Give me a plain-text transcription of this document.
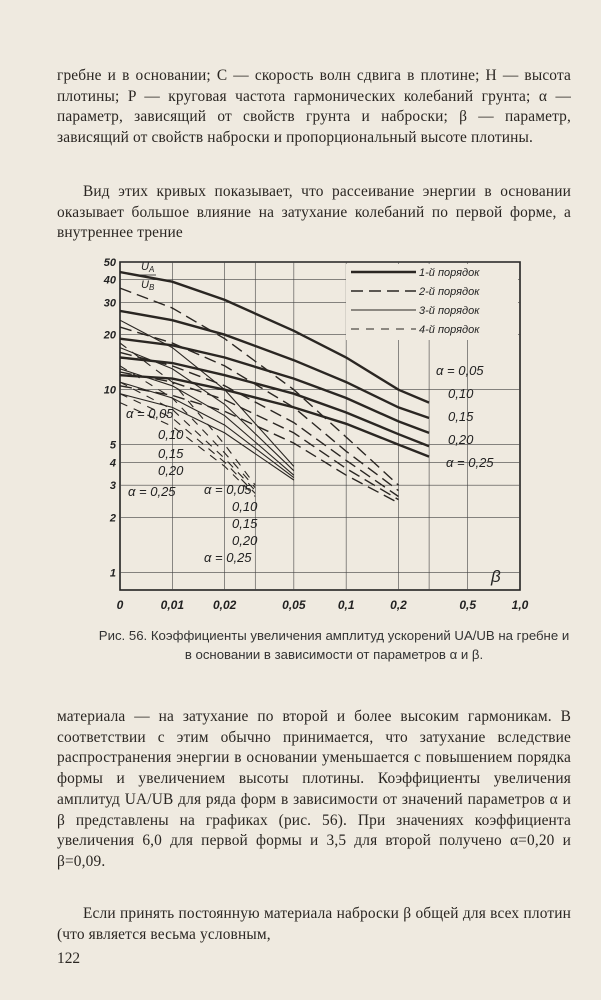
гребне и в основании; C — скорость волн сдвига в плотине; H — высота плотины; P — круговая частота гармонических колебаний грунта; α — параметр, зависящий от свойств грунта и наброски; β — параметр, зависящий от свойств наброски и пропорциональный высоте плотины.

Вид этих кривых показывает, что рассеивание энергии в основании оказывает большое влияние на затухание колебаний по первой форме, а внутреннее трение

1
2
3
4
5
10
20
30
40
50
0	0,01 0,02	0,05	0,1	0,2	0,5	1,0
1-й порядок
2-й порядок
3-й порядок
4-й порядок
α = 0,05
0,10
0,15
0,20
α = 0,25
α = 0,05
0,10
0,15
0,20
α = 0,25 α = 0,05
0,10
0,15
0,20
α = 0,25
UA
UB
β

Рис. 56. Коэффициенты увеличения амплитуд ускорений UA/UB на гребне и в основании в зависимости от параметров α и β.

материала — на затухание по второй и более высоким гармоникам. В соответствии с этим обычно принимается, что затухание вследствие распространения энергии в основании уменьшается с повышением порядка формы и увеличением высоты плотины. Коэффициенты увеличения амплитуд UA/UB для ряда форм в зависимости от значений параметров α и β представлены на графиках (рис. 56). При значениях коэффициента увеличения 6,0 для первой формы и 3,5 для второй получено α=0,20 и β=0,09.

Если принять постоянную материала наброски β общей для всех плотин (что является весьма условным,

122
